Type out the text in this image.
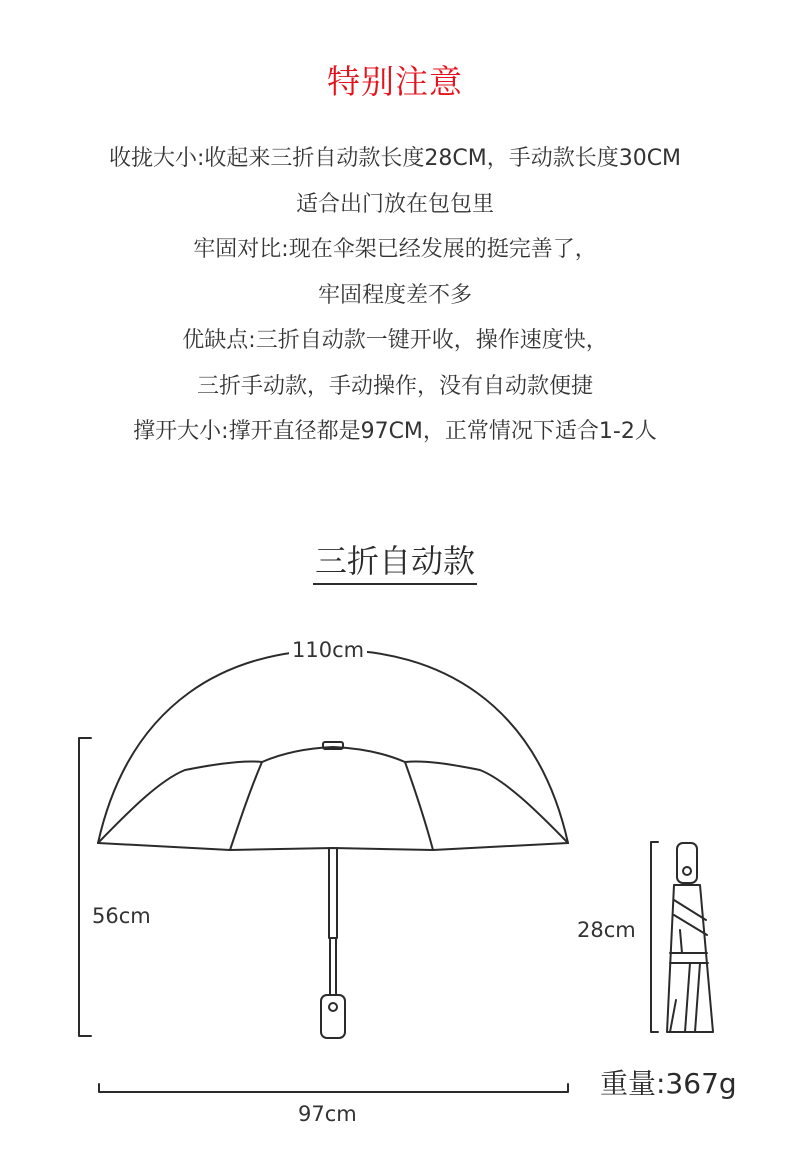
特别注意
收拢大小:收起来三折自动款长度28CM，手动款长度30CM
适合出门放在包包里
牢固对比:现在伞架已经发展的挺完善了，
牢固程度差不多
优缺点:三折自动款一键开收，操作速度快，
三折手动款，手动操作，没有自动款便捷
撑开大小:撑开直径都是97CM，正常情况下适合1-2人
三折自动款
110cm
56cm
97cm
28cm
重量:367g
